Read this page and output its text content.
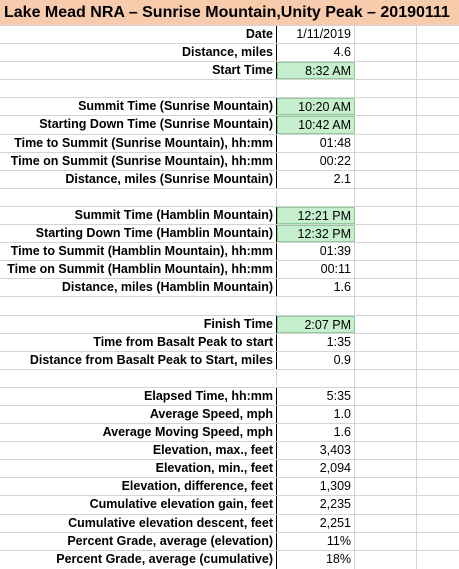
Lake Mead NRA – Sunrise Mountain,Unity Peak – 20190111
Date	1/11/2019
Distance, miles	4.6
Start Time	8:32 AM
Summit Time (Sunrise Mountain)	10:20 AM
Starting Down Time (Sunrise Mountain)	10:42 AM
Time to Summit (Sunrise Mountain), hh:mm	01:48
Time on Summit (Sunrise Mountain), hh:mm	00:22
Distance, miles (Sunrise Mountain)	2.1
Summit Time (Hamblin Mountain)	12:21 PM
Starting Down Time (Hamblin Mountain)	12:32 PM
Time to Summit (Hamblin Mountain), hh:mm	01:39
Time on Summit (Hamblin Mountain), hh:mm	00:11
Distance, miles (Hamblin Mountain)	1.6
Finish Time	2:07 PM
Time from Basalt Peak to start	1:35
Distance from Basalt Peak to Start, miles	0.9
Elapsed Time, hh:mm	5:35
Average Speed, mph	1.0
Average Moving Speed, mph	1.6
Elevation, max., feet	3,403
Elevation, min., feet	2,094
Elevation, difference, feet	1,309
Cumulative elevation gain, feet	2,235
Cumulative elevation descent, feet	2,251
Percent Grade, average (elevation)	11%
Percent Grade, average (cumulative)	18%
